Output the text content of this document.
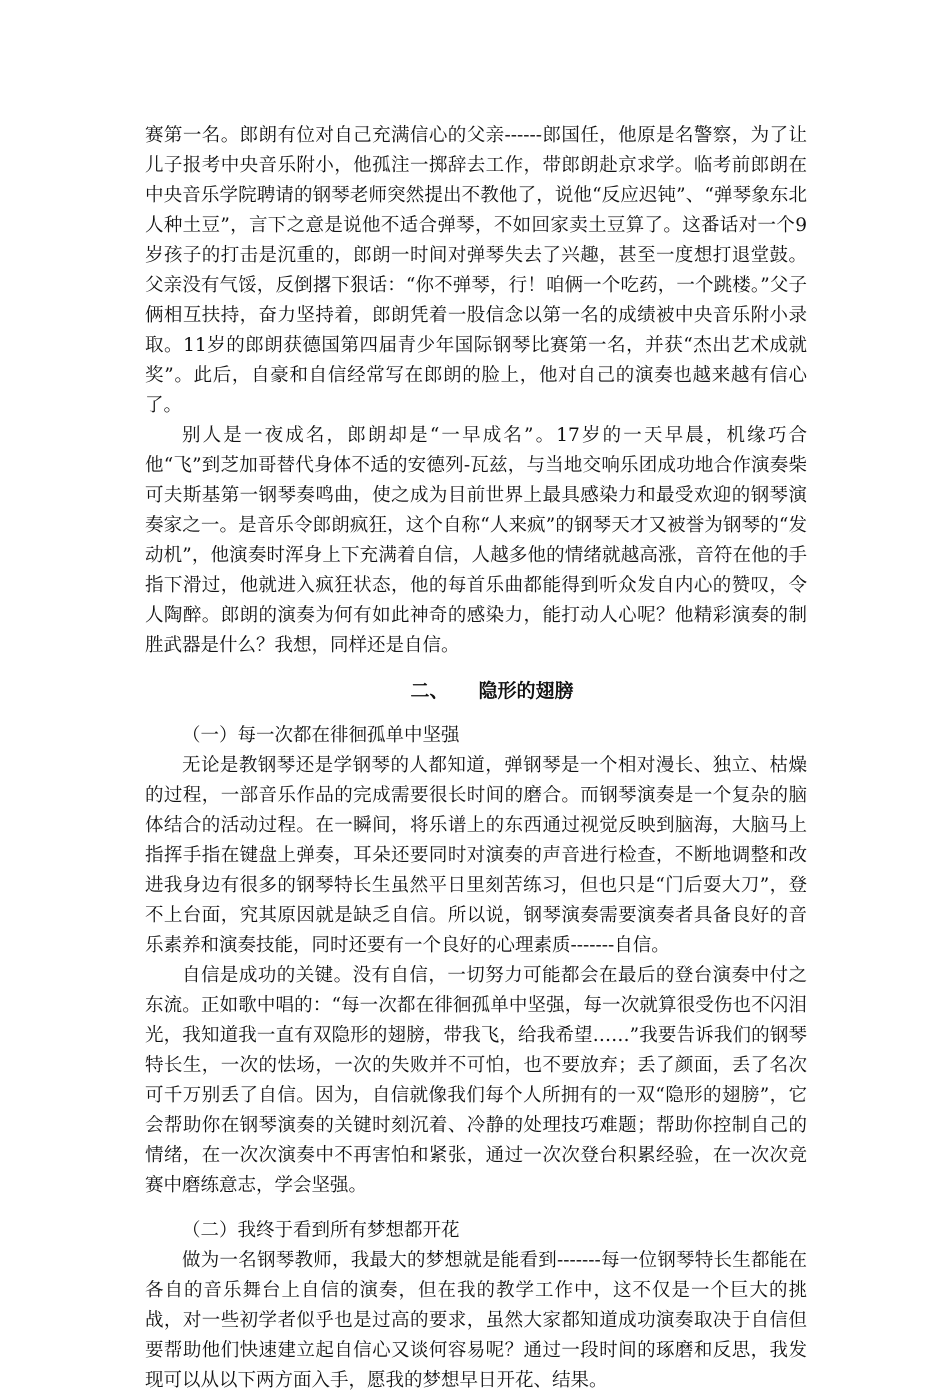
赛第一名。郎朗有位对自己充满信心的父亲------郎国任，他原是名警察，为了让儿子报考中央音乐附小，他孤注一掷辞去工作，带郎朗赴京求学。临考前郎朗在中央音乐学院聘请的钢琴老师突然提出不教他了，说他“反应迟钝”、“弹琴象东北人种土豆”，言下之意是说他不适合弹琴，不如回家卖土豆算了。这番话对一个9岁孩子的打击是沉重的，郎朗一时间对弹琴失去了兴趣，甚至一度想打退堂鼓。父亲没有气馁，反倒撂下狠话：“你不弹琴，行！咱俩一个吃药，一个跳楼。”父子俩相互扶持，奋力坚持着，郎朗凭着一股信念以第一名的成绩被中央音乐附小录取。11岁的郎朗获德国第四届青少年国际钢琴比赛第一名，并获“杰出艺术成就奖”。此后，自豪和自信经常写在郎朗的脸上，他对自己的演奏也越来越有信心了。

别人是一夜成名，郎朗却是“一早成名”。17岁的一天早晨，机缘巧合他“飞”到芝加哥替代身体不适的安德列-瓦兹，与当地交响乐团成功地合作演奏柴可夫斯基第一钢琴奏鸣曲，使之成为目前世界上最具感染力和最受欢迎的钢琴演奏家之一。是音乐令郎朗疯狂，这个自称“人来疯”的钢琴天才又被誉为钢琴的“发动机”，他演奏时浑身上下充满着自信，人越多他的情绪就越高涨，音符在他的手指下滑过，他就进入疯狂状态，他的每首乐曲都能得到听众发自内心的赞叹，令人陶醉。郎朗的演奏为何有如此神奇的感染力，能打动人心呢？他精彩演奏的制胜武器是什么？我想，同样还是自信。

二、 隐形的翅膀

（一）每一次都在徘徊孤单中坚强

无论是教钢琴还是学钢琴的人都知道，弹钢琴是一个相对漫长、独立、枯燥的过程，一部音乐作品的完成需要很长时间的磨合。而钢琴演奏是一个复杂的脑体结合的活动过程。在一瞬间，将乐谱上的东西通过视觉反映到脑海，大脑马上指挥手指在键盘上弹奏，耳朵还要同时对演奏的声音进行检查，不断地调整和改进我身边有很多的钢琴特长生虽然平日里刻苦练习，但也只是“门后耍大刀”，登不上台面，究其原因就是缺乏自信。所以说，钢琴演奏需要演奏者具备良好的音乐素养和演奏技能，同时还要有一个良好的心理素质-------自信。

自信是成功的关键。没有自信，一切努力可能都会在最后的登台演奏中付之东流。正如歌中唱的：“每一次都在徘徊孤单中坚强，每一次就算很受伤也不闪泪光，我知道我一直有双隐形的翅膀，带我飞，给我希望……”我要告诉我们的钢琴特长生，一次的怯场，一次的失败并不可怕，也不要放弃；丢了颜面，丢了名次可千万别丢了自信。因为，自信就像我们每个人所拥有的一双“隐形的翅膀”，它会帮助你在钢琴演奏的关键时刻沉着、冷静的处理技巧难题；帮助你控制自己的情绪，在一次次演奏中不再害怕和紧张，通过一次次登台积累经验，在一次次竞赛中磨练意志，学会坚强。

（二）我终于看到所有梦想都开花

做为一名钢琴教师，我最大的梦想就是能看到-------每一位钢琴特长生都能在各自的音乐舞台上自信的演奏，但在我的教学工作中，这不仅是一个巨大的挑战，对一些初学者似乎也是过高的要求，虽然大家都知道成功演奏取决于自信但要帮助他们快速建立起自信心又谈何容易呢？通过一段时间的琢磨和反思，我发现可以从以下两方面入手，愿我的梦想早日开花、结果。
